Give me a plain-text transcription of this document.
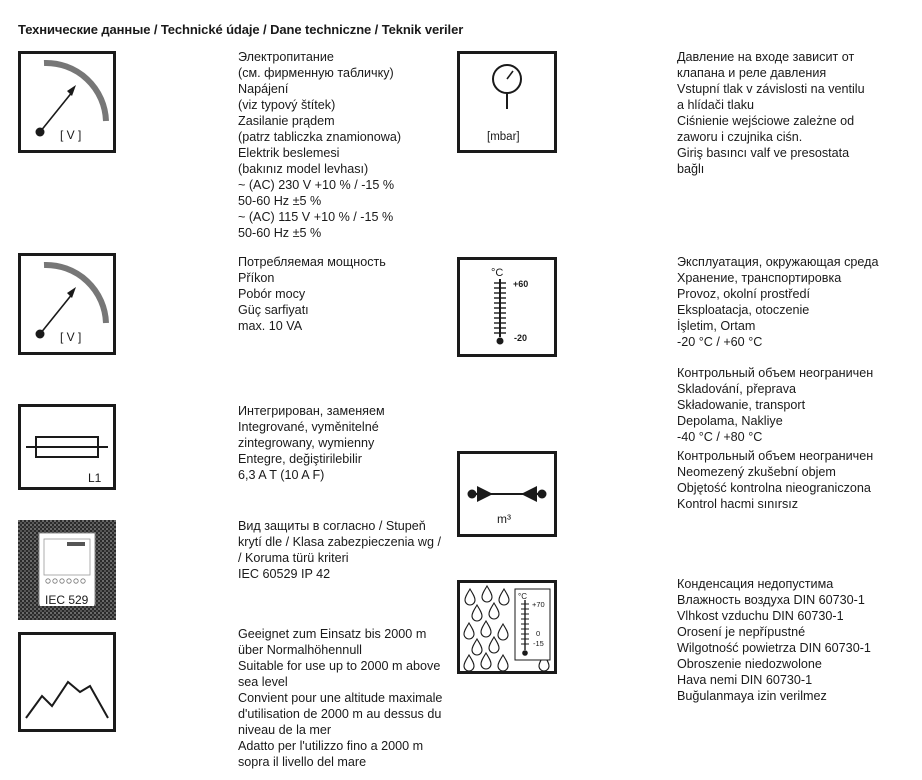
Технические данные / Technické údaje / Dane techniczne / Teknik veriler
[ V ]
[ V ]
L1
IEC 529
[mbar]
°C
+60
-20
m³
°C
+70
0
-15
Электропитание
(см. фирменную табличку)
Napájení
(viz typový štítek)
Zasilanie prądem
(patrz tabliczka znamionowa)
Elektrik beslemesi
(bakınız model levhası)
~ (AC) 230 V +10 % / -15 %
50-60 Hz ±5 %
~ (AC) 115 V +10 % / -15 %
50-60 Hz ±5 %
Потребляемая мощность
Příkon
Pobór mocy
Güç sarfiyatı
max. 10 VA
Интегрирован, заменяем
Integrované, vyměnitelné
zintegrowany, wymienny
Entegre, değiştirilebilir
6,3 A T (10 A F)
Вид защиты в согласно / Stupeň
krytí dle / Klasa zabezpieczenia wg /
/ Koruma türü kriteri
IEC 60529 IP 42
Geeignet zum Einsatz bis 2000 m
über Normalhöhennull
Suitable for use up to 2000 m above
sea level
Convient pour une altitude maximale
d'utilisation de 2000 m au dessus du
niveau de la mer
Adatto per l'utilizzo fino a 2000 m
sopra il livello del mare
Давление на входе зависит от
клапана и реле давления
Vstupní tlak v závislosti na ventilu
a hlídači tlaku
Ciśnienie wejściowe zależne od
zaworu i czujnika ciśn.
Giriş basıncı valf ve presostata
bağlı
Эксплуатация, окружающая среда
Хранение, транспортировка
Provoz, okolní prostředí
Eksploatacja, otoczenie
İşletim, Ortam
-20 °C / +60 °C
Контрольный объем неограничен
Skladování, přeprava
Składowanie, transport
Depolama, Nakliye
-40 °C / +80 °C
Контрольный объем неограничен
Neomezený zkušební objem
Objętość kontrolna nieograniczona
Kontrol hacmi sınırsız
Конденсация недопустима
Влажность воздуха DIN 60730-1
Vlhkost vzduchu DIN 60730-1
Orosení je nepřípustné
Wilgotność powietrza DIN 60730-1
Obroszenie niedozwolone
Hava nemi DIN 60730-1
Buğulanmaya izin verilmez
